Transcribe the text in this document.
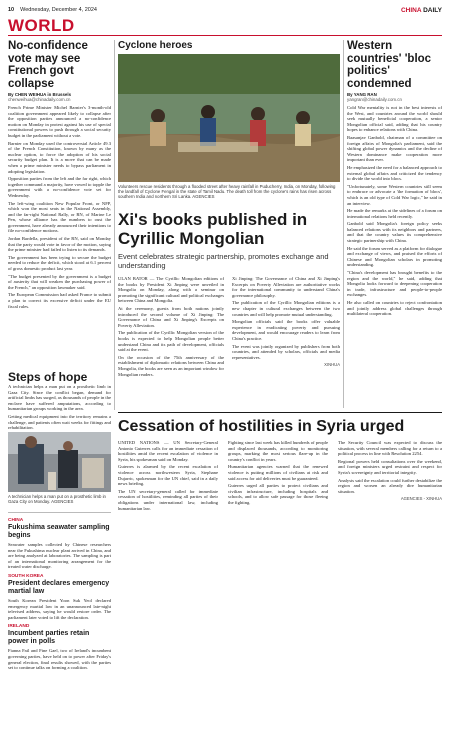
10 Wednesday, December 4, 2024	CHINA DAILY
WORLD
No-confidence vote may see French govt collapse
By CHEN WEIHUA in Brussels
chenweihua@chinadaily.com.cn

French Prime Minister Michel Barnier's 3-month-old coalition government appeared likely to collapse after the opposition parties announced a no-confidence motion on Monday in protest against his use of special constitutional powers to push through a social security budget in the parliament without a vote.

Barnier on Monday used the controversial Article 49.3 of the French Constitution, known by many as the nuclear option, to force the adoption of his social security budget plan. It is a move that can be made when a prime minister needs to bypass parliament in adopting legislation.

Opposition parties from the left and the far right, which together command a majority, have vowed to topple the government with a no-confidence vote set for Wednesday.

The left-wing coalition New Popular Front, or NFP, which won the most seats in the National Assembly, and the far-right National Rally, or RN, of Marine Le Pen, whose alliance has the numbers to oust the government, have already announced their intentions to file no-confidence motions.

Jordan Bardella, president of the RN, said on Monday that the party would vote in favor of the motion, saying the prime minister had failed to listen to its demands.

The government has been trying to secure the budget needed to reduce the deficit, which stood at 6.1 percent of gross domestic product last year.

"The budget presented by the government is a budget of austerity that will weaken the purchasing power of the French," an opposition lawmaker said.

The European Commission had asked France to submit a plan to correct its excessive deficit under the EU fiscal rules.

Steps of hope

A technician helps a man put on a prosthetic limb in Gaza City. Since the conflict began, demand for artificial limbs has surged, as thousands of people in the enclave have suffered amputations, according to humanitarian groups working in the area.

Getting medical equipment into the territory remains a challenge, and patients often wait weeks for fittings and rehabilitation.

A technician helps a man put on a prosthetic limb in Gaza City on Monday. AGENCIES
CHINA
Fukushima seawater sampling begins

Seawater samples collected by Chinese researchers near the Fukushima nuclear plant arrived in China, and are being analyzed at laboratories. The sampling is part of an international monitoring arrangement for the treated water discharge.

SOUTH KOREA
President declares emergency martial law

South Korean President Yoon Suk Yeol declared emergency martial law in an unannounced late-night televised address, saying he would restore order. The parliament later voted to lift the declaration.

IRELAND
Incumbent parties retain power in polls

Fianna Fail and Fine Gael, two of Ireland's incumbent governing parties, have held on to power after Friday's general election, final results showed, with the parties set to continue talks on forming a coalition.

Cyclone heroes
Volunteers rescue residents through a flooded street after heavy rainfall in Puducherry, India, on Monday, following the landfall of Cyclone Fengal in the state of Tamil Nadu. The death toll from the cyclone's rains has risen across southern India and northern Sri Lanka. AGENCIES
Xi's books published in Cyrillic Mongolian
Event celebrates strategic partnership, promotes exchange and understanding

ULAN BATOR — The Cyrillic Mongolian editions of the books by President Xi Jinping were unveiled in Mongolia on Monday, along with a seminar on promoting the significant cultural and political exchanges between China and Mongolia.

At the ceremony, guests from both nations jointly introduced the second volume of Xi Jinping: The Governance of China and Xi Jinping's Excerpts on Poverty Alleviation.

The publication of the Cyrillic Mongolian version of the books is expected to help Mongolian people better understand China and its path of development, officials said at the event.

On the occasion of the 75th anniversary of the establishment of diplomatic relations between China and Mongolia, the books are seen as an important window for Mongolian readers.

Xi Jinping: The Governance of China and Xi Jinping's Excerpts on Poverty Alleviation are authoritative works for the international community to understand China's governance philosophy.

The publication of the Cyrillic Mongolian editions is a new chapter in cultural exchanges between the two countries and will help promote mutual understanding.

Mongolian officials said the books offer valuable experience in eradicating poverty and pursuing development, and would encourage readers to learn from China's practice.

The event was jointly organized by publishers from both countries, and attended by scholars, officials and media representatives.

XINHUA
Cessation of hostilities in Syria urged

UNITED NATIONS — UN Secretary-General Antonio Guterres calls for an immediate cessation of hostilities amid the recent escalation of violence in Syria, his spokesman said on Monday.

Guterres is alarmed by the recent escalation of violence across northwestern Syria, Stephane Dujarric, spokesman for the UN chief, said in a daily news briefing.

The UN secretary-general called for immediate cessation of hostilities, reminding all parties of their obligations under international law, including humanitarian law.

Fighting since last week has killed hundreds of people and displaced thousands, according to monitoring groups, marking the most serious flare-up in the country's conflict in years.

Humanitarian agencies warned that the renewed violence is putting millions of civilians at risk and said access for aid deliveries must be guaranteed.

Guterres urged all parties to protect civilians and civilian infrastructure, including hospitals and schools, and to allow safe passage for those fleeing the fighting.

The Security Council was expected to discuss the situation, with several members calling for a return to a political process in line with Resolution 2254.

Regional powers held consultations over the weekend, and foreign ministers urged restraint and respect for Syria's sovereignty and territorial integrity.

Analysts said the escalation could further destabilize the region and worsen an already dire humanitarian situation.

AGENCIES - XINHUA
Western countries' 'bloc politics' condemned
By YANG RAN
yangran@chinadaily.com.cn

Cold War mentality is not in the best interests of the West, and countries around the world should seek mutually beneficial cooperation, a senior Mongolian official said, adding that his country hopes to enhance relations with China.

Baasanjav Ganbold, chairman of a committee on foreign affairs of Mongolia's parliament, said the shifting global power dynamics and the decline of Western dominance make cooperation more important than ever.

He emphasized the need for a balanced approach to external global affairs and criticized the tendency to divide the world into blocs.

"Unfortunately, some Western countries still seem to embrace or advocate a 'the formation of blocs', which is an old type of Cold War logic," he said in an interview.

He made the remarks at the sidelines of a forum on international relations held recently.

Ganbold said Mongolia's foreign policy seeks balanced relations with its neighbors and partners, and that the country values its comprehensive strategic partnership with China.

He said the forum served as a platform for dialogue and exchange of views, and praised the efforts of Chinese and Mongolian scholars in promoting understanding.

"China's development has brought benefits to the region and the world," he said, adding that Mongolia looks forward to deepening cooperation in trade, infrastructure and people-to-people exchanges.

He also called on countries to reject confrontation and jointly address global challenges through multilateral cooperation.
